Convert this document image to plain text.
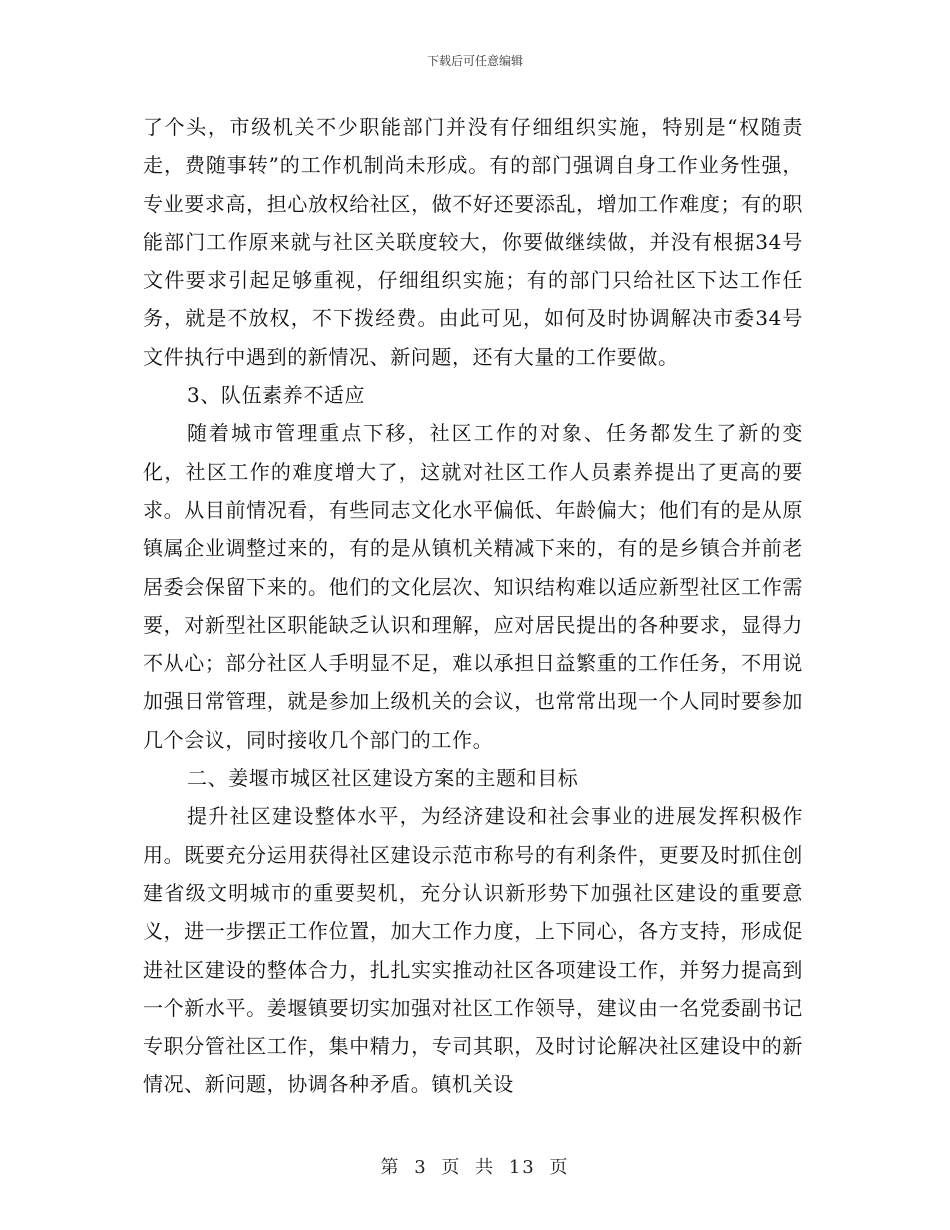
下载后可任意编辑

了个头，市级机关不少职能部门并没有仔细组织实施，特别是“权随责走，费随事转”的工作机制尚未形成。有的部门强调自身工作业务性强，专业要求高，担心放权给社区，做不好还要添乱，增加工作难度；有的职能部门工作原来就与社区关联度较大，你要做继续做，并没有根据34号文件要求引起足够重视，仔细组织实施；有的部门只给社区下达工作任务，就是不放权，不下拨经费。由此可见，如何及时协调解决市委34号文件执行中遇到的新情况、新问题，还有大量的工作要做。

3、队伍素养不适应

随着城市管理重点下移，社区工作的对象、任务都发生了新的变化，社区工作的难度增大了，这就对社区工作人员素养提出了更高的要求。从目前情况看，有些同志文化水平偏低、年龄偏大；他们有的是从原镇属企业调整过来的，有的是从镇机关精减下来的，有的是乡镇合并前老居委会保留下来的。他们的文化层次、知识结构难以适应新型社区工作需要，对新型社区职能缺乏认识和理解，应对居民提出的各种要求，显得力不从心；部分社区人手明显不足，难以承担日益繁重的工作任务，不用说加强日常管理，就是参加上级机关的会议，也常常出现一个人同时要参加几个会议，同时接收几个部门的工作。

二、姜堰市城区社区建设方案的主题和目标

提升社区建设整体水平，为经济建设和社会事业的进展发挥积极作用。既要充分运用获得社区建设示范市称号的有利条件，更要及时抓住创建省级文明城市的重要契机，充分认识新形势下加强社区建设的重要意义，进一步摆正工作位置，加大工作力度，上下同心，各方支持，形成促进社区建设的整体合力，扎扎实实推动社区各项建设工作，并努力提高到一个新水平。姜堰镇要切实加强对社区工作领导，建议由一名党委副书记专职分管社区工作，集中精力，专司其职，及时讨论解决社区建设中的新情况、新问题，协调各种矛盾。镇机关设

第 3 页 共 13 页
